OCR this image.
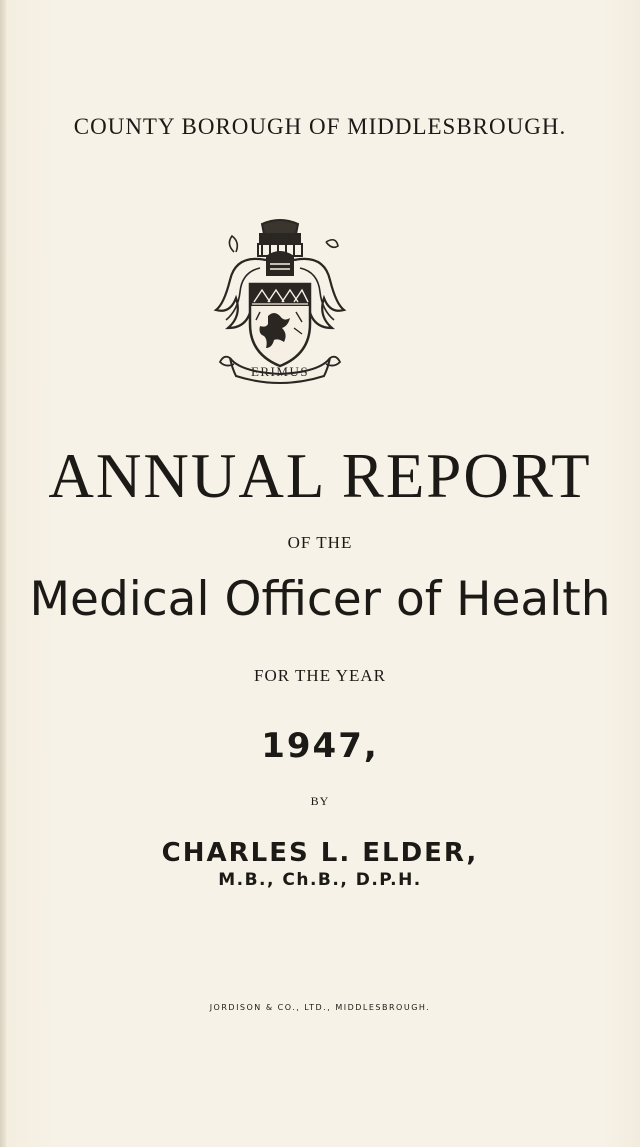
COUNTY BOROUGH OF MIDDLESBROUGH.
ERIMUS
ANNUAL REPORT
OF THE
Medical Officer of Health
FOR THE YEAR
1947,
BY
CHARLES L. ELDER,
M.B., Ch.B., D.P.H.
JORDISON & CO., LTD., MIDDLESBROUGH.
